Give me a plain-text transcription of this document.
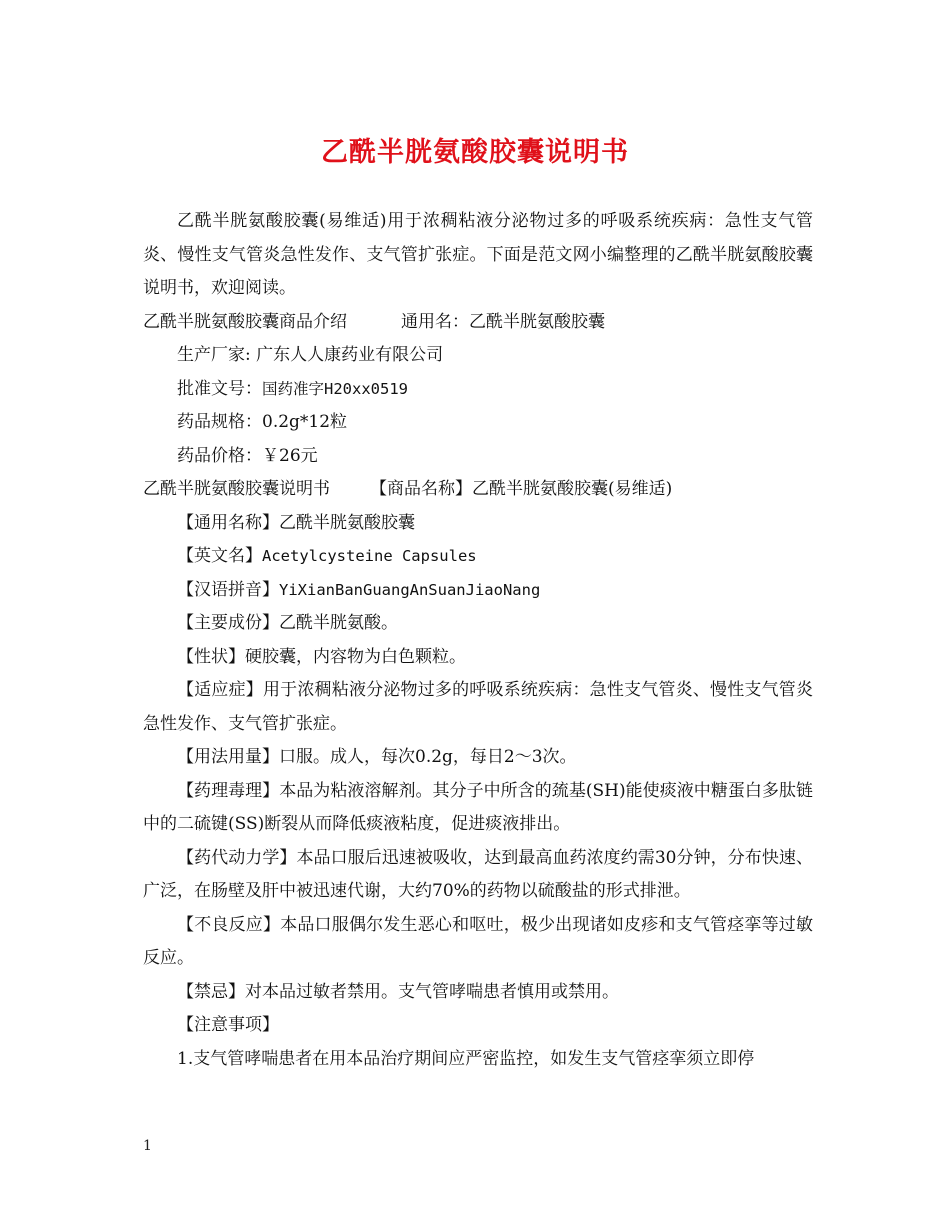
乙酰半胱氨酸胶囊说明书

乙酰半胱氨酸胶囊(易维适)用于浓稠粘液分泌物过多的呼吸系统疾病：急性支气管炎、慢性支气管炎急性发作、支气管扩张症。下面是范文网小编整理的乙酰半胱氨酸胶囊说明书，欢迎阅读。

乙酰半胱氨酸胶囊商品介绍	通用名：乙酰半胱氨酸胶囊

生产厂家: 广东人人康药业有限公司

批准文号：国药准字H20xx0519

药品规格：0.2g*12粒

药品价格：￥26元

乙酰半胱氨酸胶囊说明书 【商品名称】乙酰半胱氨酸胶囊(易维适)

【通用名称】乙酰半胱氨酸胶囊

【英文名】Acetylcysteine Capsules

【汉语拼音】YiXianBanGuangAnSuanJiaoNang

【主要成份】乙酰半胱氨酸。

【性状】硬胶囊，内容物为白色颗粒。

【适应症】用于浓稠粘液分泌物过多的呼吸系统疾病：急性支气管炎、慢性支气管炎急性发作、支气管扩张症。

【用法用量】口服。成人，每次0.2g，每日2～3次。

【药理毒理】本品为粘液溶解剂。其分子中所含的巯基(SH)能使痰液中糖蛋白多肽链中的二硫键(SS)断裂从而降低痰液粘度，促进痰液排出。

【药代动力学】本品口服后迅速被吸收，达到最高血药浓度约需30分钟，分布快速、广泛，在肠壁及肝中被迅速代谢，大约70%的药物以硫酸盐的形式排泄。

【不良反应】本品口服偶尔发生恶心和呕吐，极少出现诸如皮疹和支气管痉挛等过敏反应。

【禁忌】对本品过敏者禁用。支气管哮喘患者慎用或禁用。

【注意事项】

1.支气管哮喘患者在用本品治疗期间应严密监控，如发生支气管痉挛须立即停

1
